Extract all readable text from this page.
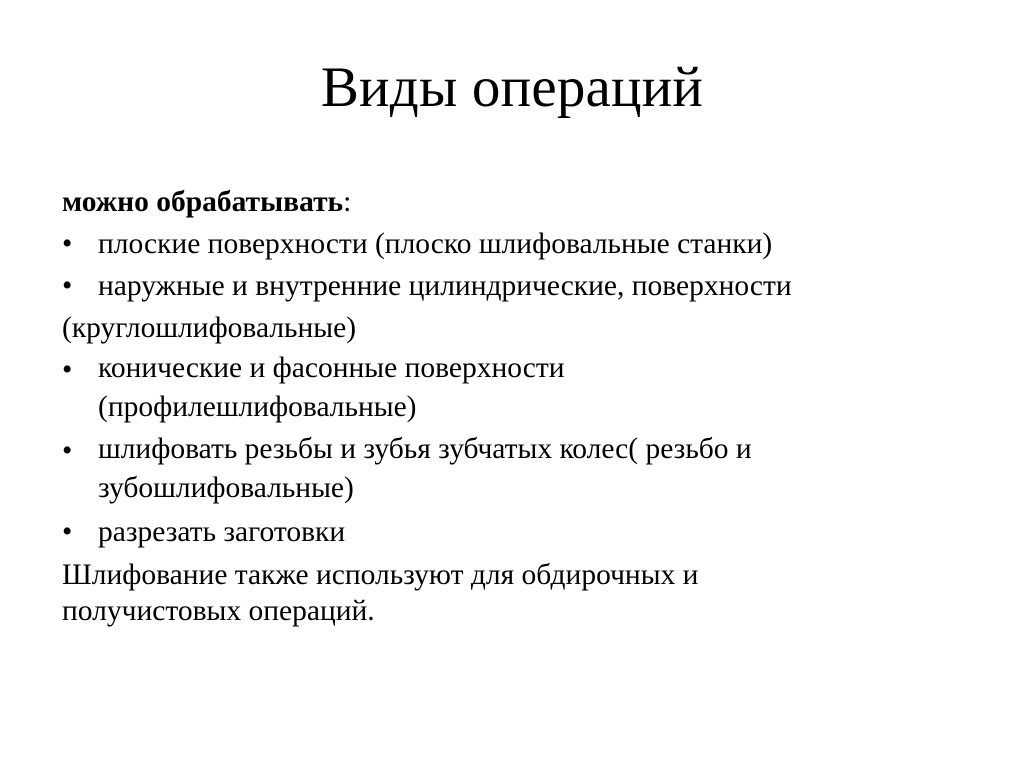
Виды операций
можно обрабатывать:
• плоские поверхности (плоско шлифовальные станки)
• наружные и внутренние цилиндрические, поверхности
(круглошлифовальные)
• конические и фасонные поверхности
(профилешлифовальные)
• шлифовать резьбы и зубья зубчатых колес( резьбо и
зубошлифовальные)
• разрезать заготовки
Шлифование также используют для обдирочных и
получистовых операций.
